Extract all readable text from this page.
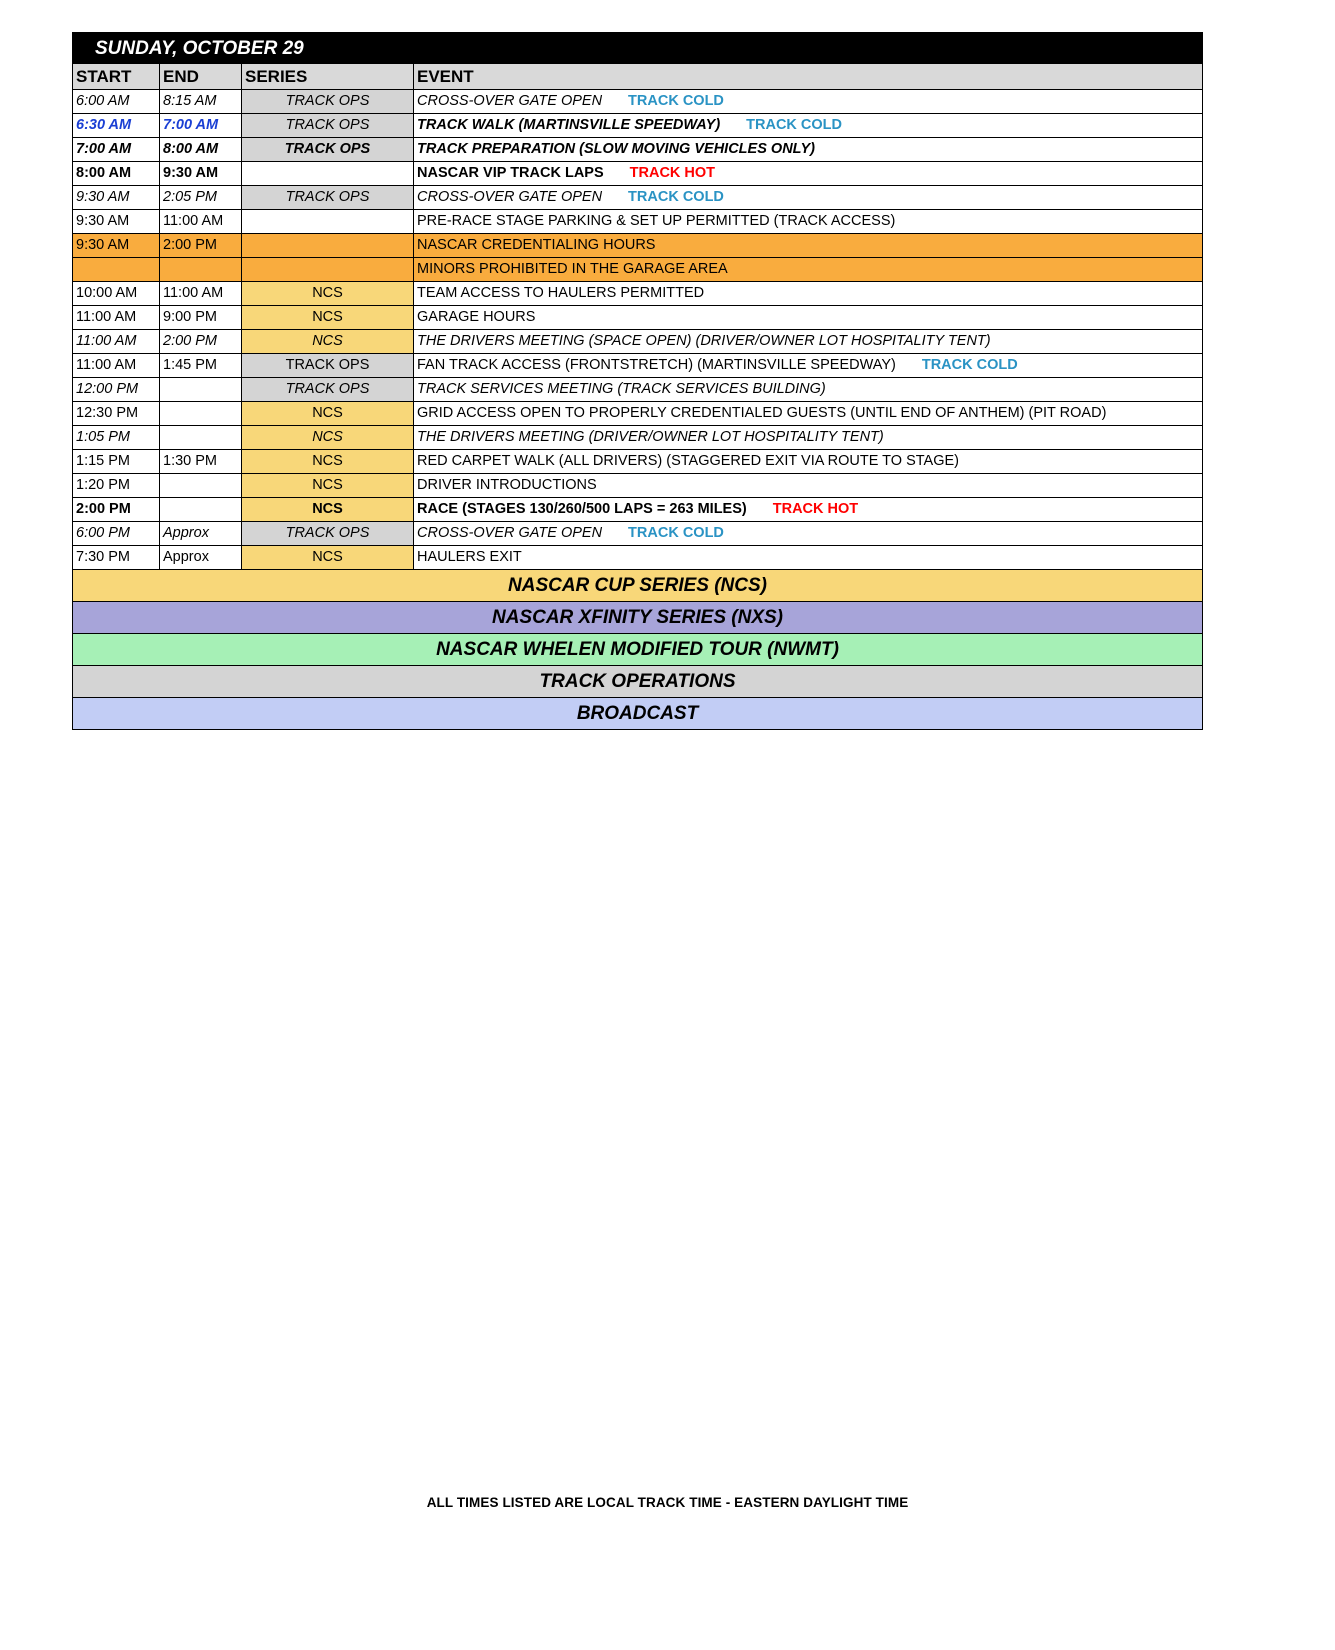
SUNDAY, OCTOBER 29			
START	END	SERIES	EVENT
6:00 AM	8:15 AM	TRACK OPS	CROSS-OVER GATE OPEN TRACK COLD
6:30 AM	7:00 AM	TRACK OPS	TRACK WALK (MARTINSVILLE SPEEDWAY) TRACK COLD
7:00 AM	8:00 AM	TRACK OPS	TRACK PREPARATION (SLOW MOVING VEHICLES ONLY)
8:00 AM	9:30 AM		NASCAR VIP TRACK LAPS TRACK HOT
9:30 AM	2:05 PM	TRACK OPS	CROSS-OVER GATE OPEN TRACK COLD
9:30 AM	11:00 AM		PRE-RACE STAGE PARKING & SET UP PERMITTED (TRACK ACCESS)
9:30 AM	2:00 PM		NASCAR CREDENTIALING HOURS
			MINORS PROHIBITED IN THE GARAGE AREA
10:00 AM	11:00 AM	NCS	TEAM ACCESS TO HAULERS PERMITTED
11:00 AM	9:00 PM	NCS	GARAGE HOURS
11:00 AM	2:00 PM	NCS	THE DRIVERS MEETING (SPACE OPEN) (DRIVER/OWNER LOT HOSPITALITY TENT)
11:00 AM	1:45 PM	TRACK OPS	FAN TRACK ACCESS (FRONTSTRETCH) (MARTINSVILLE SPEEDWAY) TRACK COLD
12:00 PM		TRACK OPS	TRACK SERVICES MEETING (TRACK SERVICES BUILDING)
12:30 PM		NCS	GRID ACCESS OPEN TO PROPERLY CREDENTIALED GUESTS (UNTIL END OF ANTHEM) (PIT ROAD)
1:05 PM		NCS	THE DRIVERS MEETING (DRIVER/OWNER LOT HOSPITALITY TENT)
1:15 PM	1:30 PM	NCS	RED CARPET WALK (ALL DRIVERS) (STAGGERED EXIT VIA ROUTE TO STAGE)
1:20 PM		NCS	DRIVER INTRODUCTIONS
2:00 PM		NCS	RACE (STAGES 130/260/500 LAPS = 263 MILES) TRACK HOT
6:00 PM	Approx	TRACK OPS	CROSS-OVER GATE OPEN TRACK COLD
7:30 PM	Approx	NCS	HAULERS EXIT
NASCAR CUP SERIES (NCS)			
NASCAR XFINITY SERIES (NXS)			
NASCAR WHELEN MODIFIED TOUR (NWMT)			
TRACK OPERATIONS			
BROADCAST			
ALL TIMES LISTED ARE LOCAL TRACK TIME - EASTERN DAYLIGHT TIME
